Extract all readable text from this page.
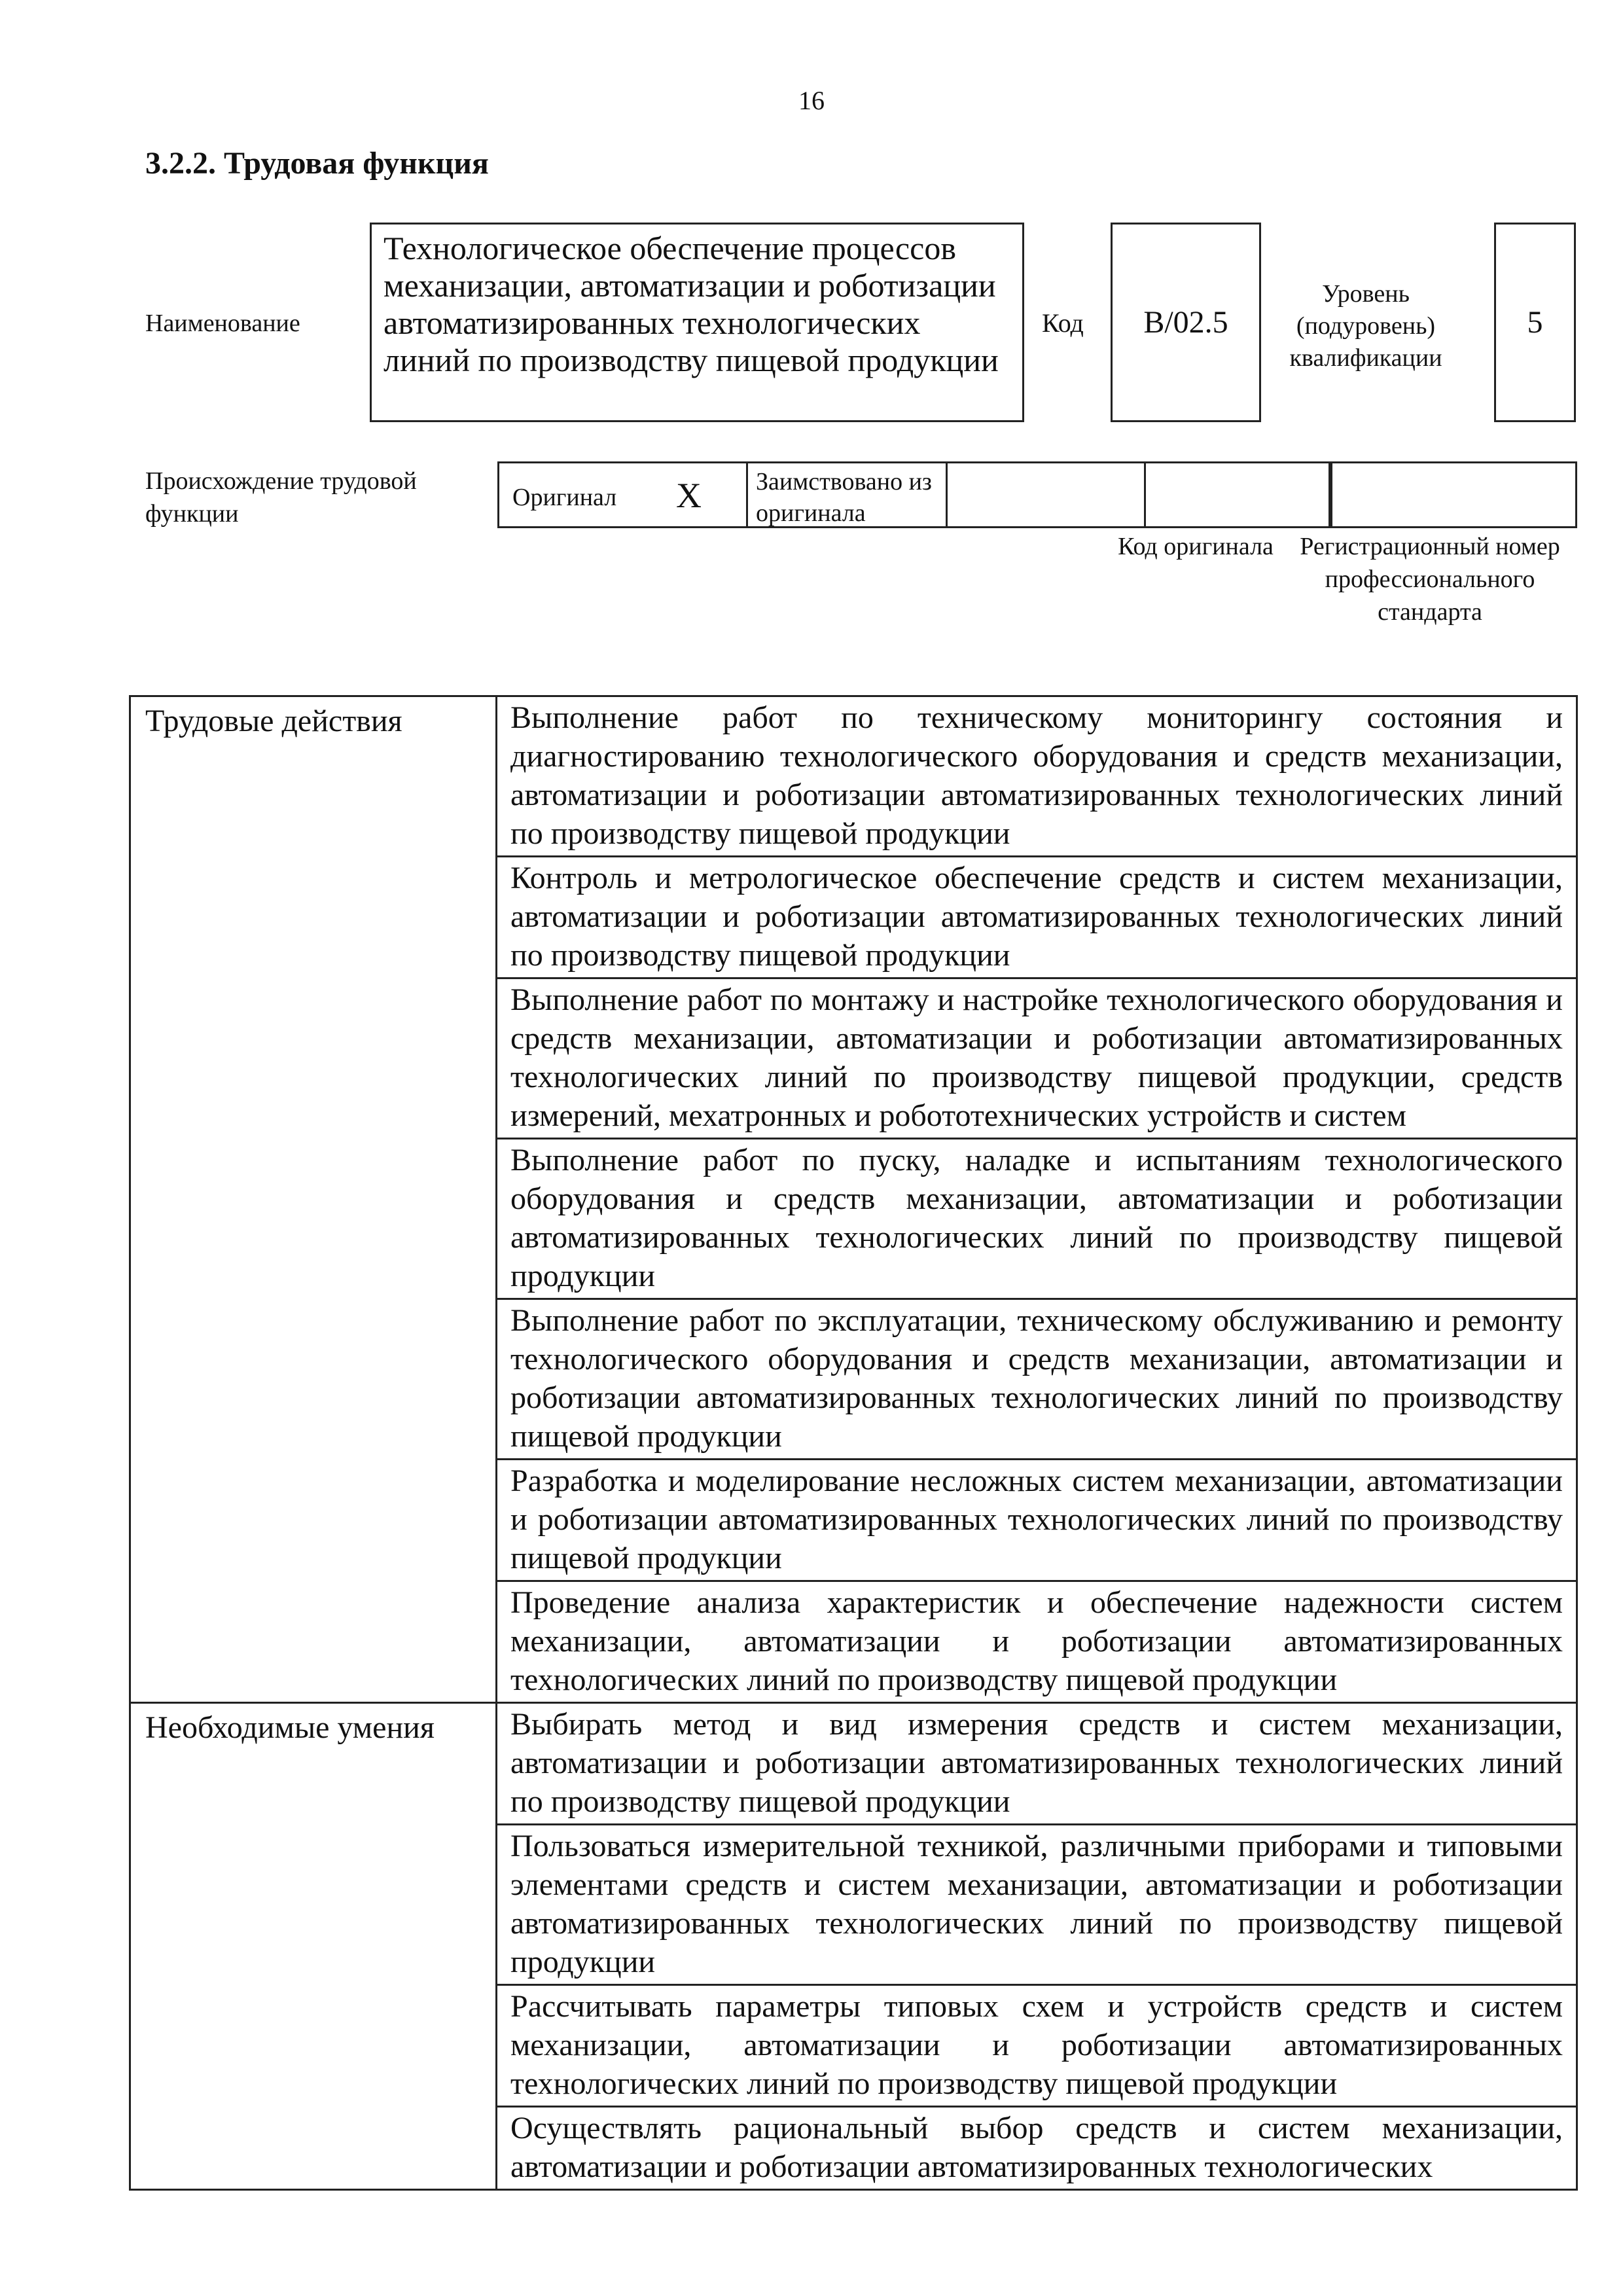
16
3.2.2. Трудовая функция
Наименование
Технологическое обеспечение процессов механизации, автоматизации и роботизации автоматизированных технологических линий по производству пищевой продукции
Код B/02.5
Уровень (подуровень) квалификации
5
Происхождение трудовой функции
Оригинал X Заимствовано из оригинала
Код оригинала Регистрационный номер профессионального стандарта
Трудовые действия	Выполнение работ по техническому мониторингу состояния и диагностированию технологического оборудования и средств механизации, автоматизации и роботизации автоматизированных технологических линий по производству пищевой продукции

	Контроль и метрологическое обеспечение средств и систем механизации, автоматизации и роботизации автоматизированных технологических линий по производству пищевой продукции

	Выполнение работ по монтажу и настройке технологического оборудования и средств механизации, автоматизации и роботизации автоматизированных технологических линий по производству пищевой продукции, средств измерений, мехатронных и робототехнических устройств и систем

	Выполнение работ по пуску, наладке и испытаниям технологического оборудования и средств механизации, автоматизации и роботизации автоматизированных технологических линий по производству пищевой продукции

	Выполнение работ по эксплуатации, техническому обслуживанию и ремонту технологического оборудования и средств механизации, автоматизации и роботизации автоматизированных технологических линий по производству пищевой продукции

	Разработка и моделирование несложных систем механизации, автоматизации и роботизации автоматизированных технологических линий по производству пищевой продукции

	Проведение анализа характеристик и обеспечение надежности систем механизации, автоматизации и роботизации автоматизированных технологических линий по производству пищевой продукции

Необходимые умения	Выбирать метод и вид измерения средств и систем механизации, автоматизации и роботизации автоматизированных технологических линий по производству пищевой продукции

	Пользоваться измерительной техникой, различными приборами и типовыми элементами средств и систем механизации, автоматизации и роботизации автоматизированных технологических линий по производству пищевой продукции

	Рассчитывать параметры типовых схем и устройств средств и систем механизации, автоматизации и роботизации автоматизированных технологических линий по производству пищевой продукции

	Осуществлять рациональный выбор средств и систем механизации, автоматизации и роботизации автоматизированных технологических
